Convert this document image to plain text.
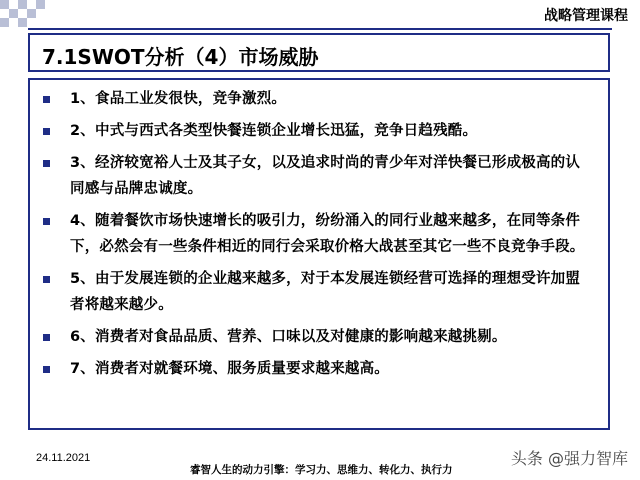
战略管理课程
7.1SWOT分析（4）市场威胁
1、食品工业发很快，竞争激烈。
2、中式与西式各类型快餐连锁企业增长迅猛，竞争日趋残酷。
3、经济较宽裕人士及其子女，以及追求时尚的青少年对洋快餐已形成极高的认同感与品牌忠诚度。
4、随着餐饮市场快速增长的吸引力，纷纷涌入的同行业越来越多，在同等条件下，必然会有一些条件相近的同行会采取价格大战甚至其它一些不良竞争手段。
5、由于发展连锁的企业越来越多，对于本发展连锁经营可选择的理想受许加盟者将越来越少。
6、消费者对食品品质、营养、口味以及对健康的影响越来越挑剔。
7、消费者对就餐环境、服务质量要求越来越高。
24.11.2021
睿智人生的动力引擎：学习力、思维力、转化力、执行力
头条 @强力智库
